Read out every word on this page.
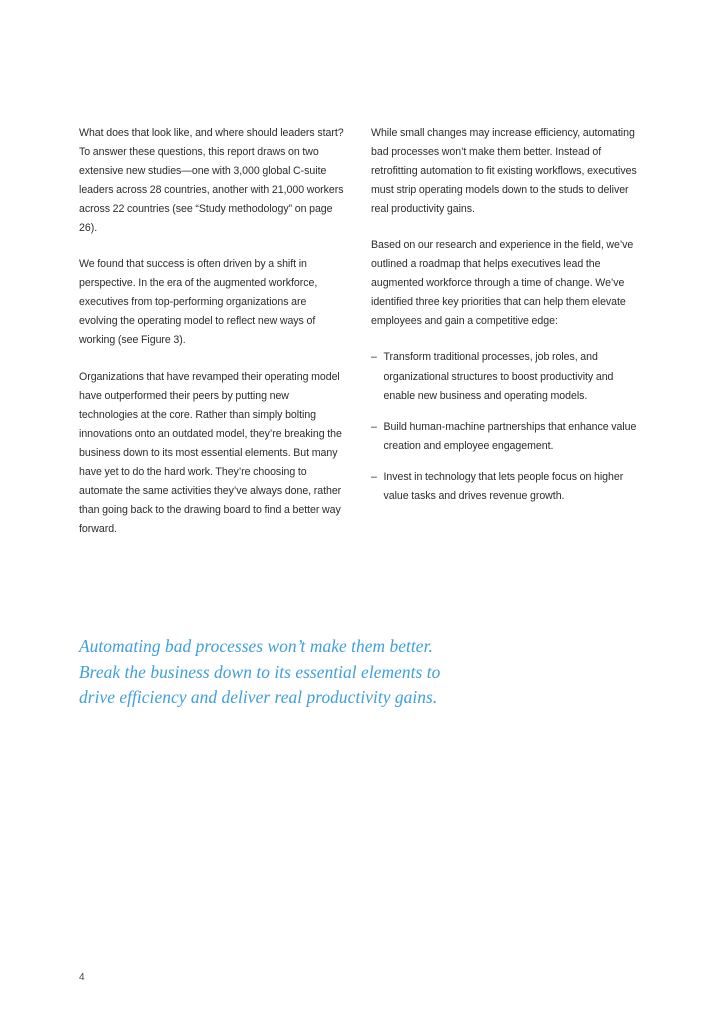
What does that look like, and where should leaders start? To answer these questions, this report draws on two extensive new studies—one with 3,000 global C-suite leaders across 28 countries, another with 21,000 workers across 22 countries (see “Study methodology” on page 26).

We found that success is often driven by a shift in perspective. In the era of the augmented workforce, executives from top-performing organizations are evolving the operating model to reflect new ways of working (see Figure 3).

Organizations that have revamped their operating model have outperformed their peers by putting new technologies at the core. Rather than simply bolting innovations onto an outdated model, they’re breaking the business down to its most essential elements. But many have yet to do the hard work. They’re choosing to automate the same activities they’ve always done, rather than going back to the drawing board to find a better way forward.

While small changes may increase efficiency, automating bad processes won’t make them better. Instead of retrofitting automation to fit existing workflows, executives must strip operating models down to the studs to deliver real productivity gains.

Based on our research and experience in the field, we’ve outlined a roadmap that helps executives lead the augmented workforce through a time of change. We’ve identified three key priorities that can help them elevate employees and gain a competitive edge:

– Transform traditional processes, job roles, and organizational structures to boost productivity and enable new business and operating models.
– Build human-machine partnerships that enhance value creation and employee engagement.
– Invest in technology that lets people focus on higher value tasks and drives revenue growth.
Automating bad processes won’t make them better.
Break the business down to its essential elements to
drive efficiency and deliver real productivity gains.
4
